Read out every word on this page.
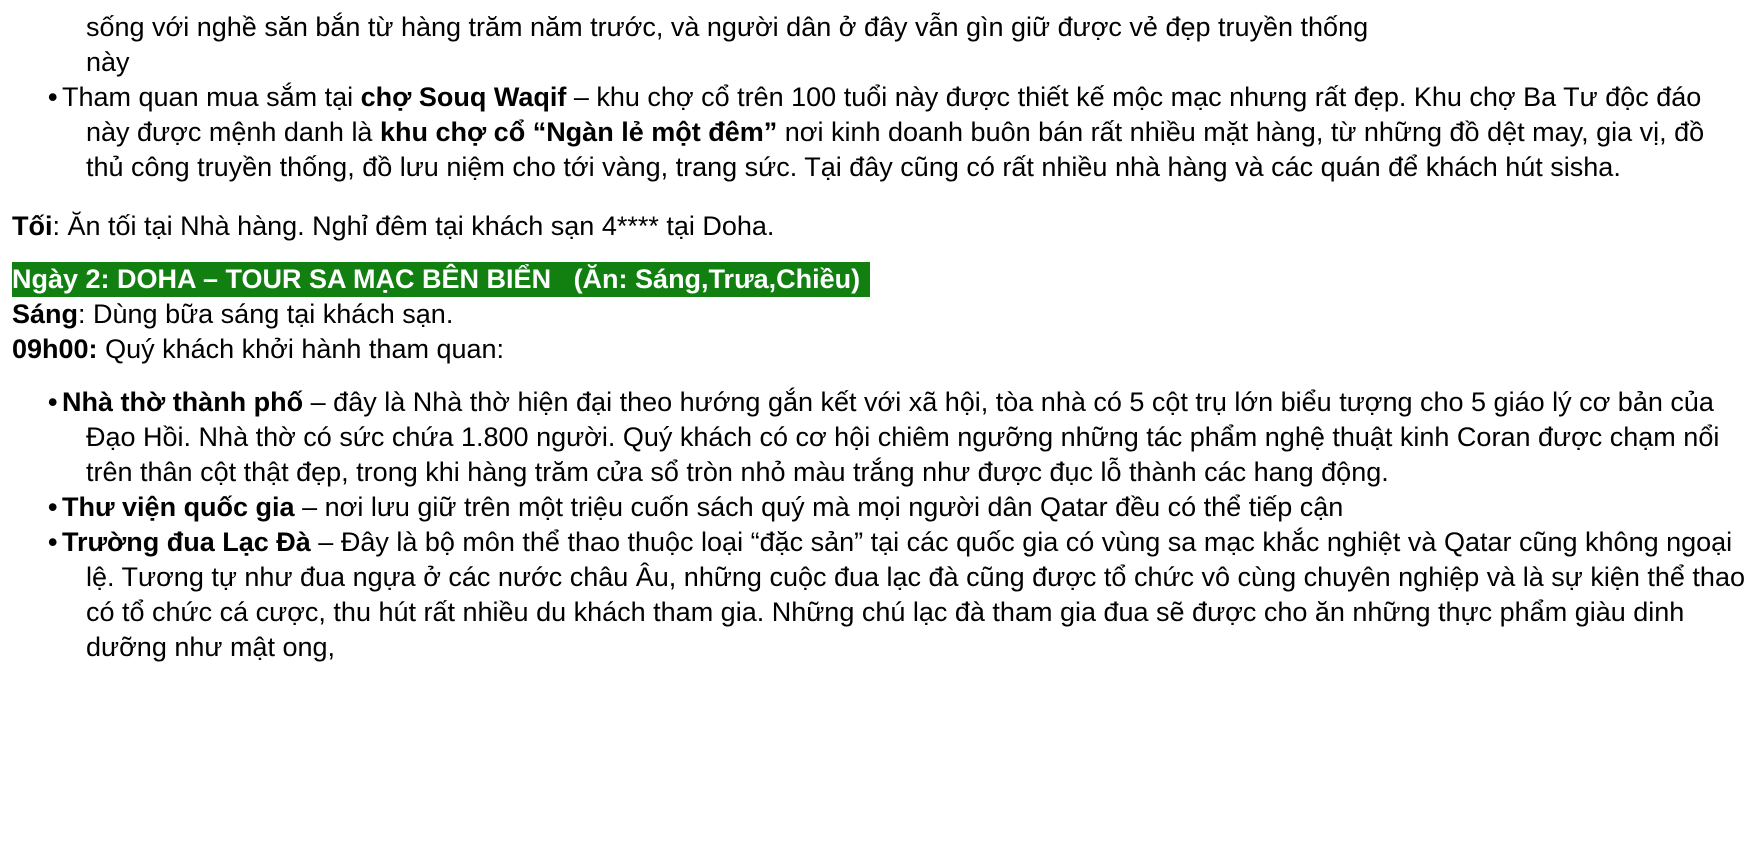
sống với nghề săn bắn từ hàng trăm năm trước, và người dân ở đây vẫn gìn giữ được vẻ đẹp truyền thống
này

• Tham quan mua sắm tại chợ Souq Waqif – khu chợ cổ trên 100 tuổi này được thiết kế mộc mạc nhưng rất đẹp. Khu chợ Ba Tư độc đáo này được mệnh danh là khu chợ cổ “Ngàn lẻ một đêm” nơi kinh doanh buôn bán rất nhiều mặt hàng, từ những đồ dệt may, gia vị, đồ thủ công truyền thống, đồ lưu niệm cho tới vàng, trang sức. Tại đây cũng có rất nhiều nhà hàng và các quán để khách hút sisha.

Tối: Ăn tối tại Nhà hàng. Nghỉ đêm tại khách sạn 4**** tại Doha.

Ngày 2: DOHA – TOUR SA MẠC BÊN BIỂN   (Ăn: Sáng,Trưa,Chiều)

Sáng: Dùng bữa sáng tại khách sạn.

09h00: Quý khách khởi hành tham quan:

• Nhà thờ thành phố – đây là Nhà thờ hiện đại theo hướng gắn kết với xã hội, tòa nhà có 5 cột trụ lớn biểu tượng cho 5 giáo lý cơ bản của Đạo Hồi. Nhà thờ có sức chứa 1.800 người. Quý khách có cơ hội chiêm ngưỡng những tác phẩm nghệ thuật kinh Coran được chạm nổi trên thân cột thật đẹp, trong khi hàng trăm cửa sổ tròn nhỏ màu trắng như được đục lỗ thành các hang động.
• Thư viện quốc gia – nơi lưu giữ trên một triệu cuốn sách quý mà mọi người dân Qatar đều có thể tiếp cận
• Trường đua Lạc Đà – Đây là bộ môn thể thao thuộc loại “đặc sản” tại các quốc gia có vùng sa mạc khắc nghiệt và Qatar cũng không ngoại lệ. Tương tự như đua ngựa ở các nước châu Âu, những cuộc đua lạc đà cũng được tổ chức vô cùng chuyên nghiệp và là sự kiện thể thao có tổ chức cá cược, thu hút rất nhiều du khách tham gia. Những chú lạc đà tham gia đua sẽ được cho ăn những thực phẩm giàu dinh dưỡng như mật ong,
